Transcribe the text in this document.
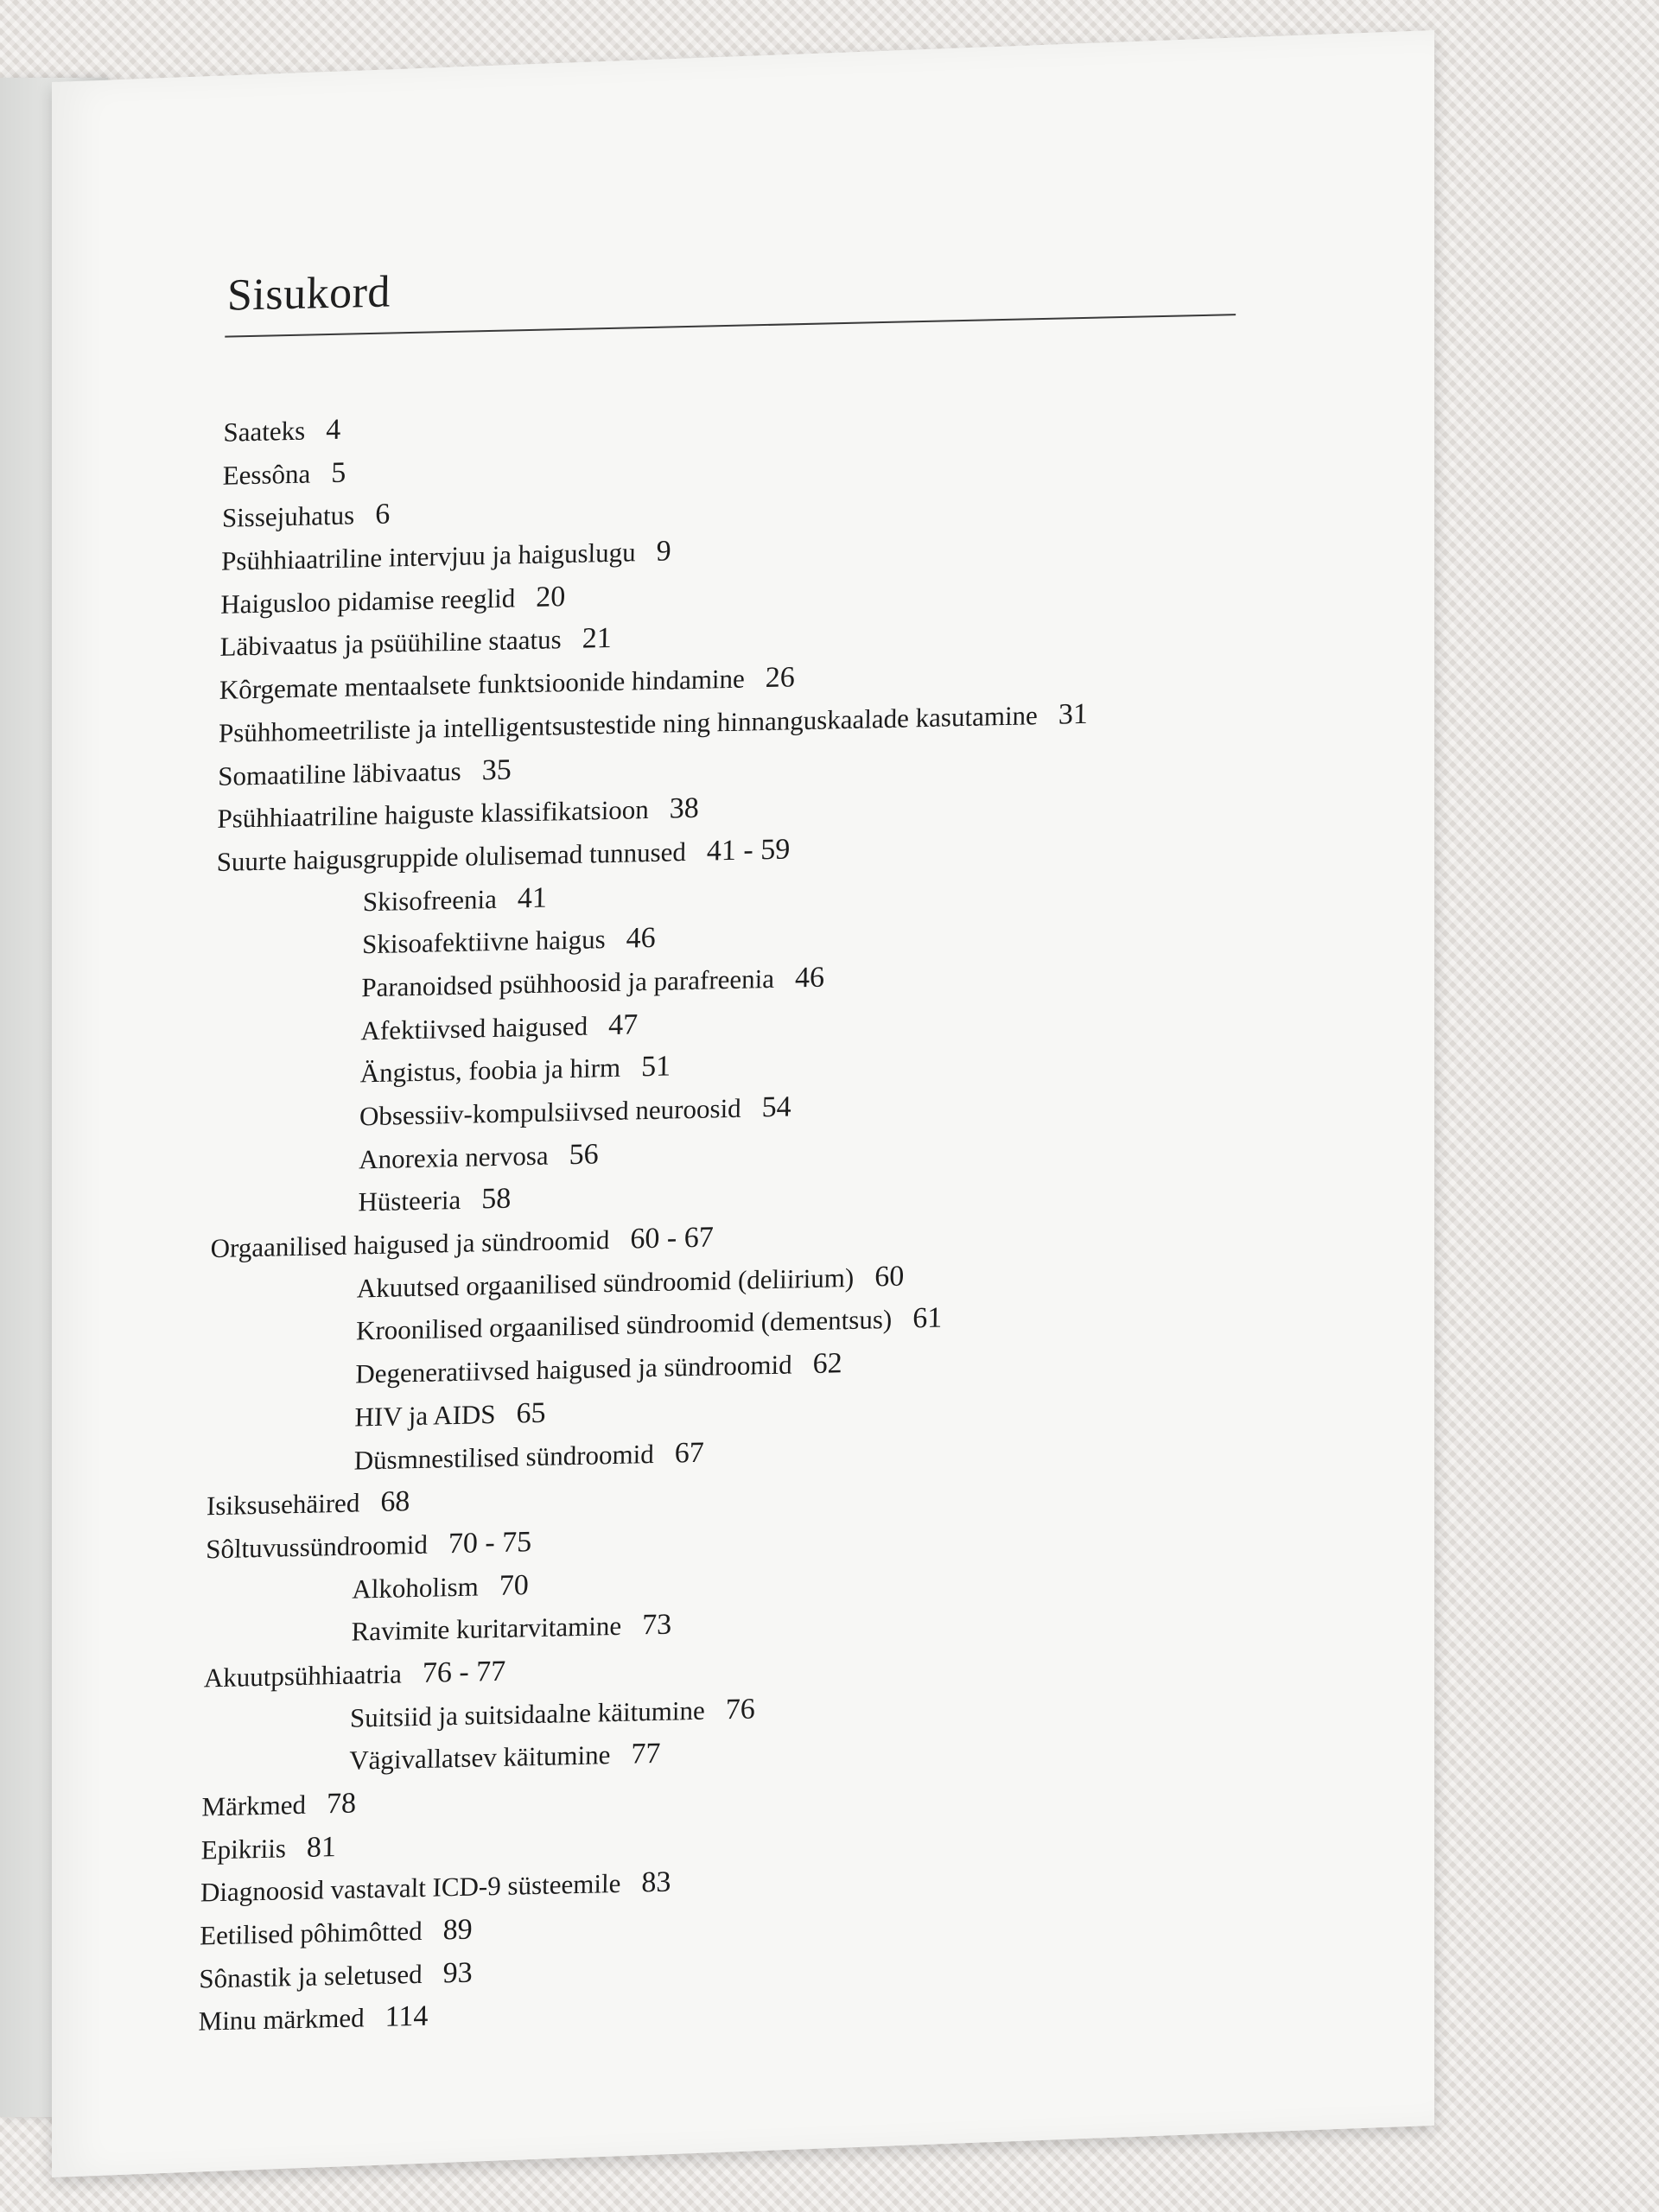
Sisukord
Saateks 4
Eessôna 5
Sissejuhatus 6
Psühhiaatriline intervjuu ja haiguslugu 9
Haigusloo pidamise reeglid 20
Läbivaatus ja psüühiline staatus 21
Kôrgemate mentaalsete funktsioonide hindamine 26
Psühhomeetriliste ja intelligentsustestide ning hinnanguskaalade kasutamine 31
Somaatiline läbivaatus 35
Psühhiaatriline haiguste klassifikatsioon 38
Suurte haigusgruppide olulisemad tunnused 41 - 59
Skisofreenia 41
Skisoafektiivne haigus 46
Paranoidsed psühhoosid ja parafreenia 46
Afektiivsed haigused 47
Ängistus, foobia ja hirm 51
Obsessiiv-kompulsiivsed neuroosid 54
Anorexia nervosa 56
Hüsteeria 58
Orgaanilised haigused ja sündroomid 60 - 67
Akuutsed orgaanilised sündroomid (deliirium) 60
Kroonilised orgaanilised sündroomid (dementsus) 61
Degeneratiivsed haigused ja sündroomid 62
HIV ja AIDS 65
Düsmnestilised sündroomid 67
Isiksusehäired 68
Sôltuvussündroomid 70 - 75
Alkoholism 70
Ravimite kuritarvitamine 73
Akuutpsühhiaatria 76 - 77
Suitsiid ja suitsidaalne käitumine 76
Vägivallatsev käitumine 77
Märkmed 78
Epikriis 81
Diagnoosid vastavalt ICD-9 süsteemile 83
Eetilised pôhimôtted 89
Sônastik ja seletused 93
Minu märkmed 114
